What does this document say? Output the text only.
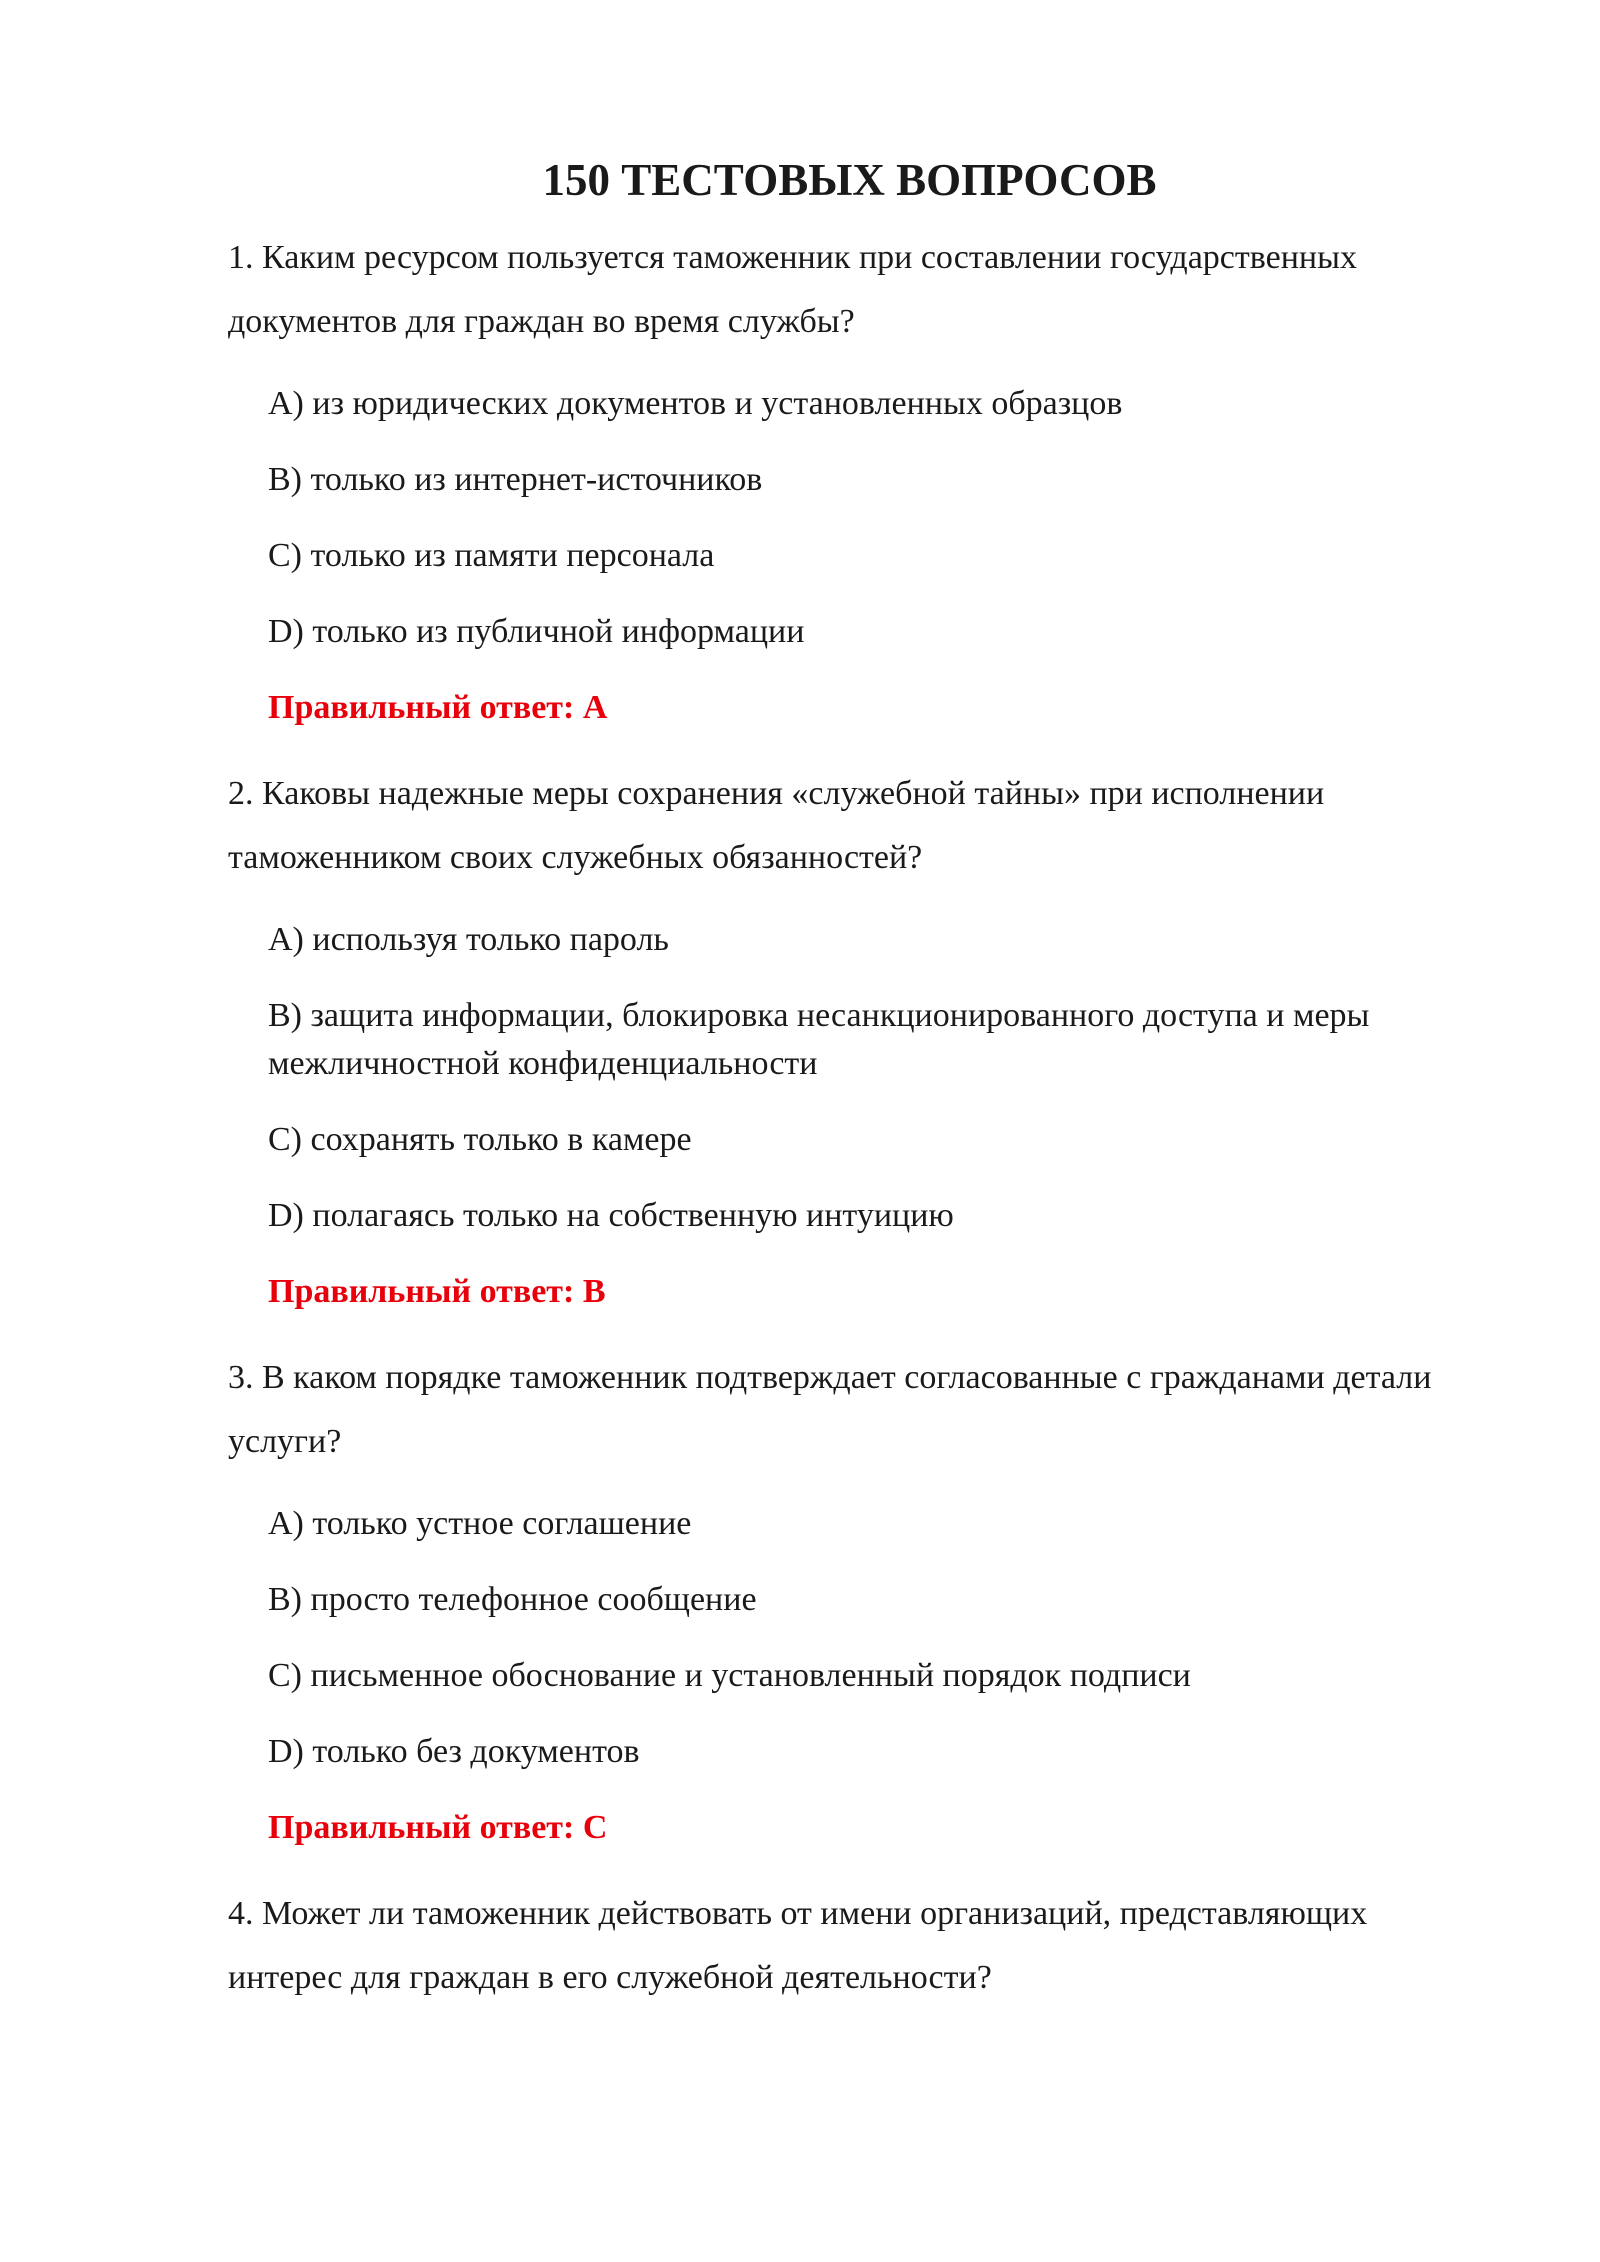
150 ТЕСТОВЫХ ВОПРОСОВ

1. Каким ресурсом пользуется таможенник при составлении государственных документов для граждан во время службы?

A) из юридических документов и установленных образцов

B) только из интернет-источников

C) только из памяти персонала

D) только из публичной информации

Правильный ответ: A

2. Каковы надежные меры сохранения «служебной тайны» при исполнении таможенником своих служебных обязанностей?

A) используя только пароль

B) защита информации, блокировка несанкционированного доступа и меры межличностной конфиденциальности

C) сохранять только в камере

D) полагаясь только на собственную интуицию

Правильный ответ: B

3. В каком порядке таможенник подтверждает согласованные с гражданами детали услуги?

A) только устное соглашение

B) просто телефонное сообщение

C) письменное обоснование и установленный порядок подписи

D) только без документов

Правильный ответ: C

4. Может ли таможенник действовать от имени организаций, представляющих интерес для граждан в его служебной деятельности?
